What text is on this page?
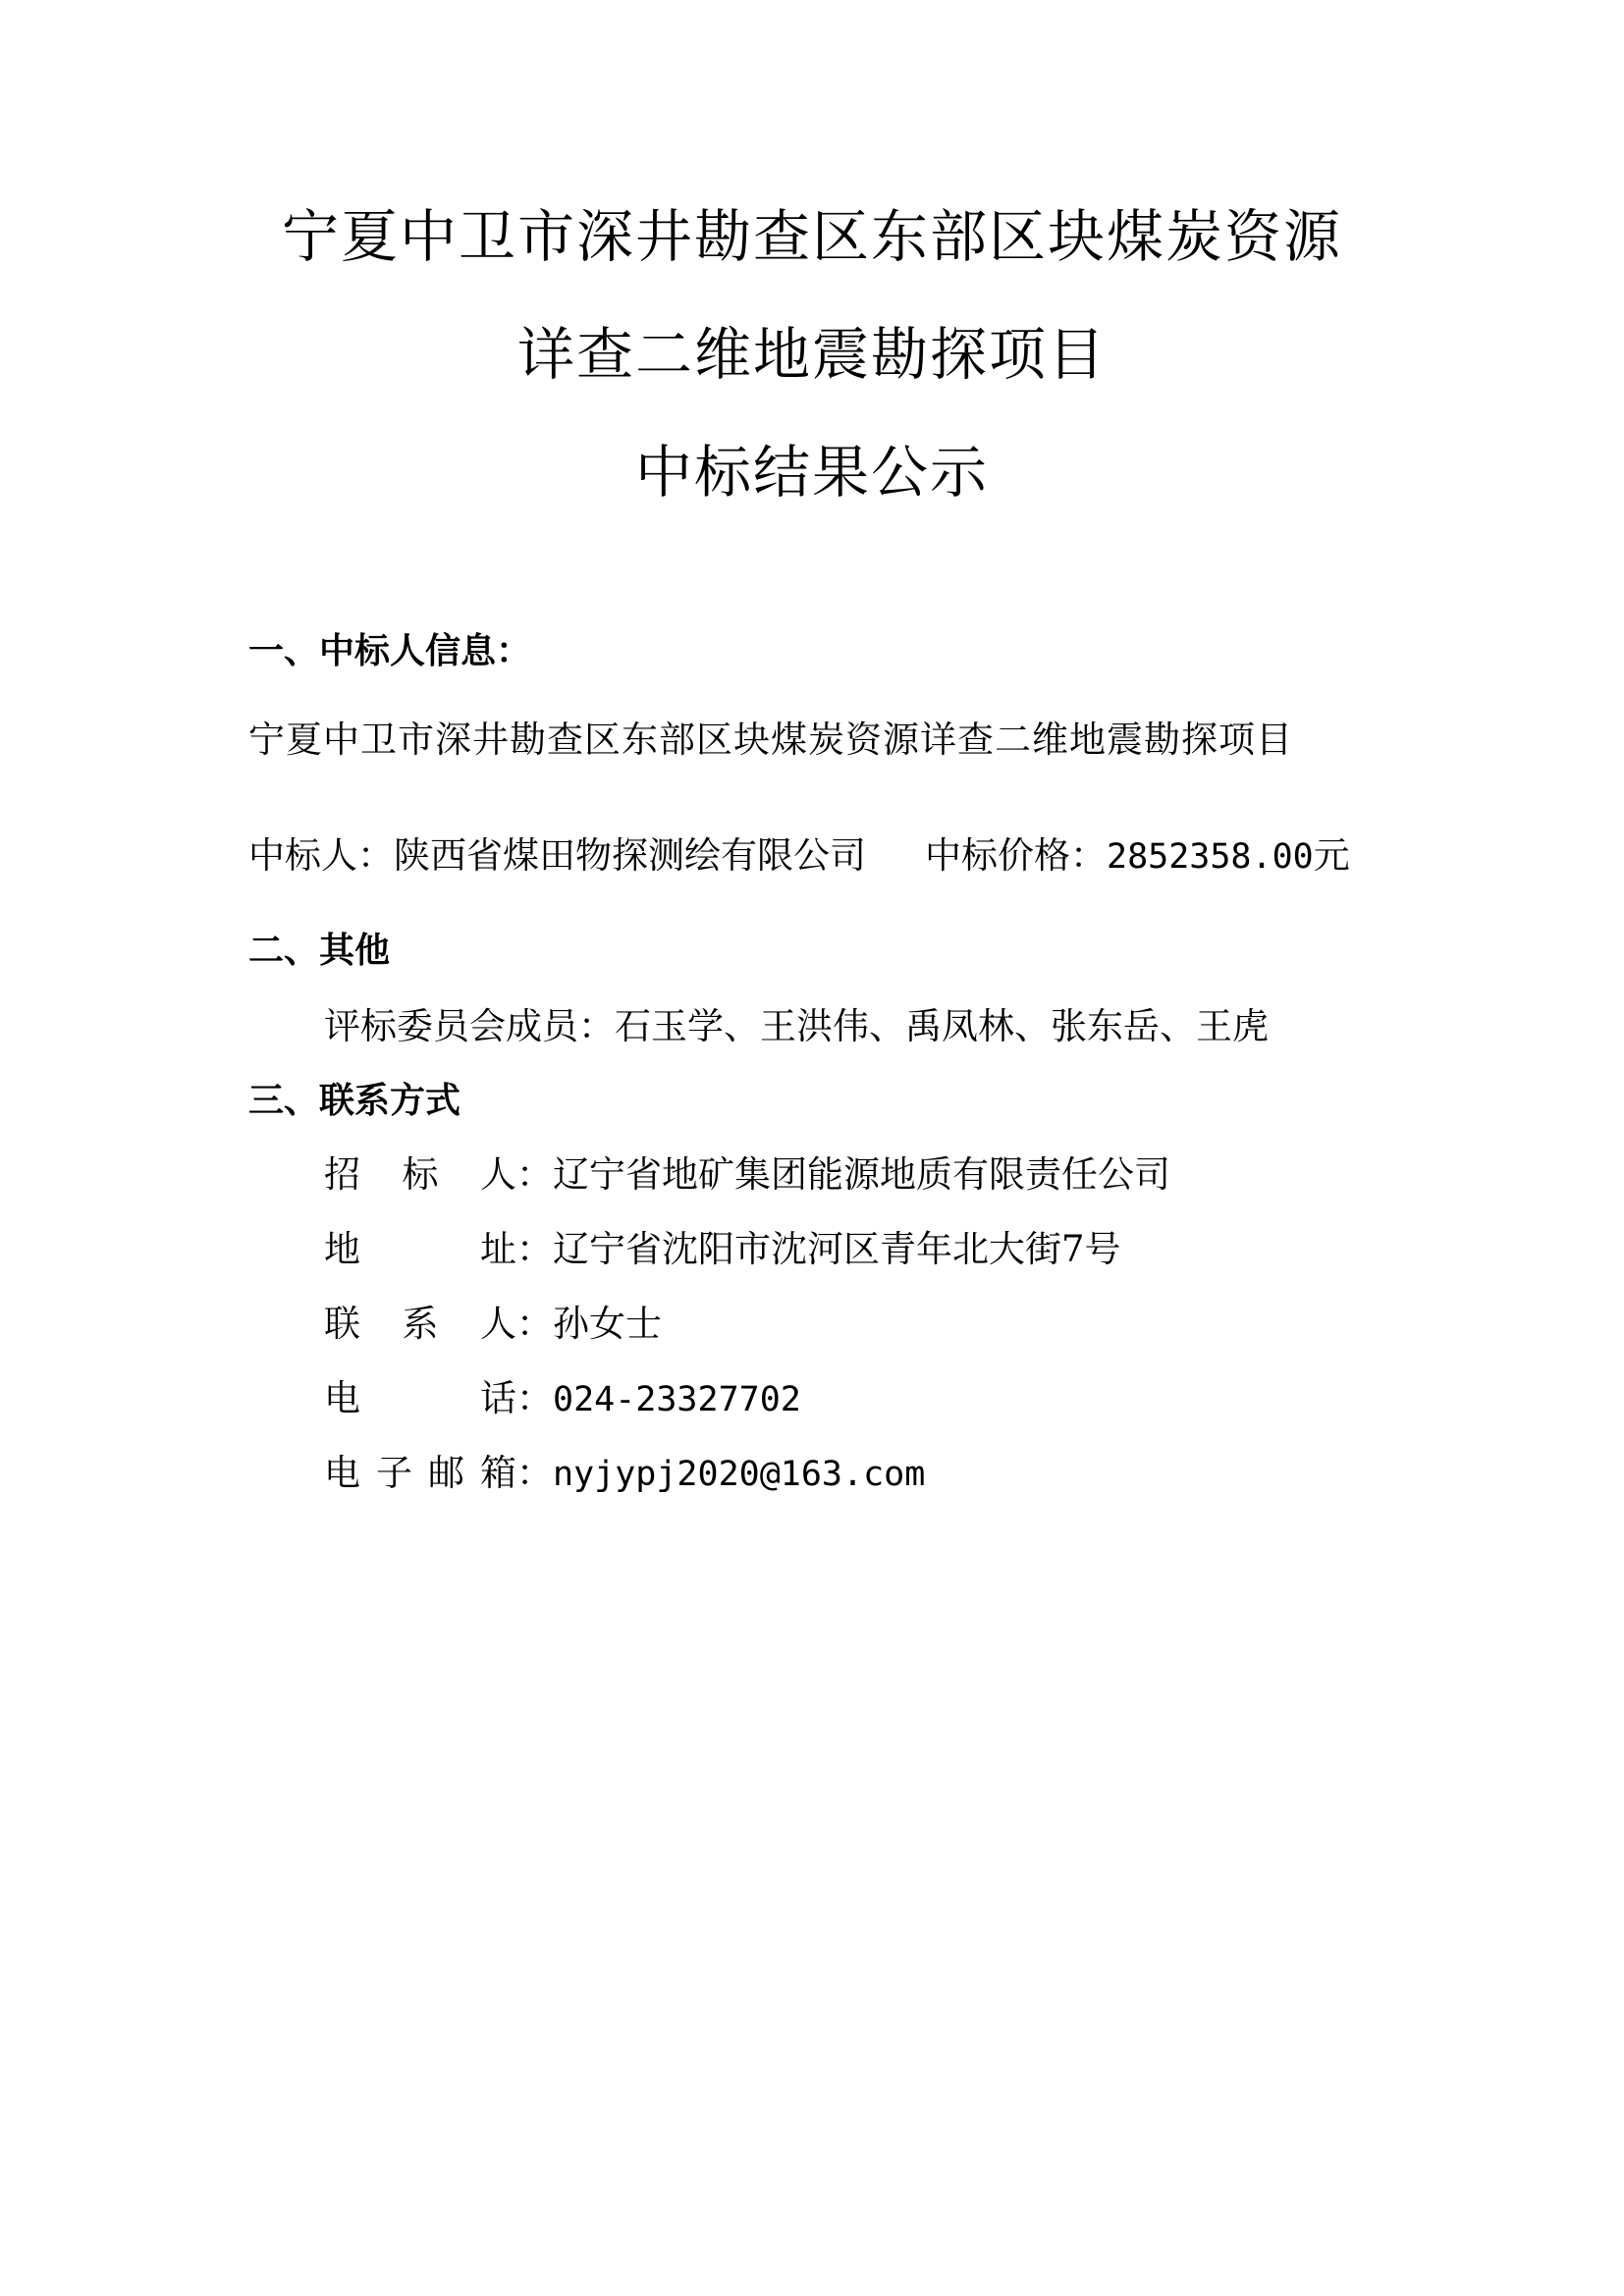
宁夏中卫市深井勘查区东部区块煤炭资源
详查二维地震勘探项目
中标结果公示
一、中标人信息：
宁夏中卫市深井勘查区东部区块煤炭资源详查二维地震勘探项目
中标人：陕西省煤田物探测绘有限公司 中标价格：2852358.00元
二、其他
评标委员会成员：石玉学、王洪伟、禹凤林、张东岳、王虎
三、联系方式
招标人：辽宁省地矿集团能源地质有限责任公司
地址：辽宁省沈阳市沈河区青年北大街7号
联系人：孙女士
电话：024-23327702
电子邮箱：nyjypj2020@163.com
